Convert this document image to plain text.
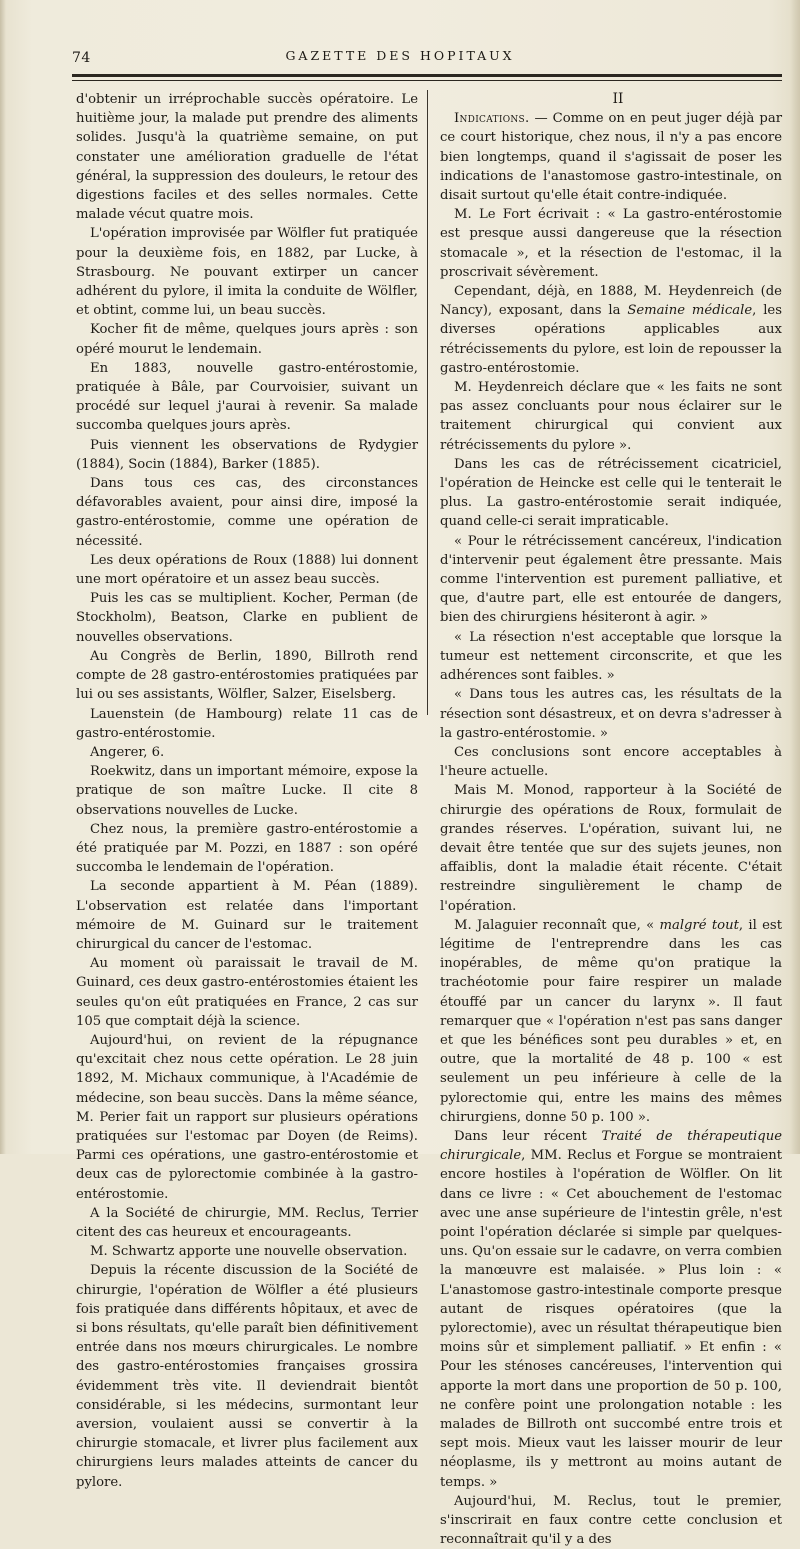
74	GAZETTE DES HOPITAUX

d'obtenir un irréprochable succès opératoire. Le huitième jour, la malade put prendre des aliments solides. Jusqu'à la quatrième semaine, on put constater une amélioration graduelle de l'état général, la suppression des douleurs, le retour des digestions faciles et des selles normales. Cette malade vécut quatre mois.

L'opération improvisée par Wölfler fut pratiquée pour la deuxième fois, en 1882, par Lucke, à Strasbourg. Ne pouvant extirper un cancer adhérent du pylore, il imita la conduite de Wölfler, et obtint, comme lui, un beau succès.

Kocher fit de même, quelques jours après : son opéré mourut le lendemain.

En 1883, nouvelle gastro-entérostomie, pratiquée à Bâle, par Courvoisier, suivant un procédé sur lequel j'aurai à revenir. Sa malade succomba quelques jours après.

Puis viennent les observations de Rydygier (1884), Socin (1884), Barker (1885).

Dans tous ces cas, des circonstances défavorables avaient, pour ainsi dire, imposé la gastro-entérostomie, comme une opération de nécessité.

Les deux opérations de Roux (1888) lui donnent une mort opératoire et un assez beau succès.

Puis les cas se multiplient. Kocher, Perman (de Stockholm), Beatson, Clarke en publient de nouvelles observations.

Au Congrès de Berlin, 1890, Billroth rend compte de 28 gastro-entérostomies pratiquées par lui ou ses assistants, Wölfler, Salzer, Eiselsberg.

Lauenstein (de Hambourg) relate 11 cas de gastro-entérostomie.

Angerer, 6.

Roekwitz, dans un important mémoire, expose la pratique de son maître Lucke. Il cite 8 observations nouvelles de Lucke.

Chez nous, la première gastro-entérostomie a été pratiquée par M. Pozzi, en 1887 : son opéré succomba le lendemain de l'opération.

La seconde appartient à M. Péan (1889). L'observation est relatée dans l'important mémoire de M. Guinard sur le traitement chirurgical du cancer de l'estomac.

Au moment où paraissait le travail de M. Guinard, ces deux gastro-entérostomies étaient les seules qu'on eût pratiquées en France, 2 cas sur 105 que comptait déjà la science.

Aujourd'hui, on revient de la répugnance qu'excitait chez nous cette opération. Le 28 juin 1892, M. Michaux communique, à l'Académie de médecine, son beau succès. Dans la même séance, M. Perier fait un rapport sur plusieurs opérations pratiquées sur l'estomac par Doyen (de Reims). Parmi ces opérations, une gastro-entérostomie et deux cas de pylorectomie combinée à la gastro-entérostomie.

A la Société de chirurgie, MM. Reclus, Terrier citent des cas heureux et encourageants.

M. Schwartz apporte une nouvelle observation.

Depuis la récente discussion de la Société de chirurgie, l'opération de Wölfler a été plusieurs fois pratiquée dans différents hôpitaux, et avec de si bons résultats, qu'elle paraît bien définitivement entrée dans nos mœurs chirurgicales. Le nombre des gastro-entérostomies françaises grossira évidemment très vite. Il deviendrait bientôt considérable, si les médecins, surmontant leur aversion, voulaient aussi se convertir à la chirurgie stomacale, et livrer plus facilement aux chirurgiens leurs malades atteints de cancer du pylore.

II

Indications. — Comme on en peut juger déjà par ce court historique, chez nous, il n'y a pas encore bien longtemps, quand il s'agissait de poser les indications de l'anastomose gastro-intestinale, on disait surtout qu'elle était contre-indiquée.

M. Le Fort écrivait : « La gastro-entérostomie est presque aussi dangereuse que la résection stomacale », et la résection de l'estomac, il la proscrivait sévèrement.

Cependant, déjà, en 1888, M. Heydenreich (de Nancy), exposant, dans la Semaine médicale, les diverses opérations applicables aux rétrécissements du pylore, est loin de repousser la gastro-entérostomie.

M. Heydenreich déclare que « les faits ne sont pas assez concluants pour nous éclairer sur le traitement chirurgical qui convient aux rétrécissements du pylore ».

Dans les cas de rétrécissement cicatriciel, l'opération de Heincke est celle qui le tenterait le plus. La gastro-entérostomie serait indiquée, quand celle-ci serait impraticable.

« Pour le rétrécissement cancéreux, l'indication d'intervenir peut également être pressante. Mais comme l'intervention est purement palliative, et que, d'autre part, elle est entourée de dangers, bien des chirurgiens hésiteront à agir. »

« La résection n'est acceptable que lorsque la tumeur est nettement circonscrite, et que les adhérences sont faibles. »

« Dans tous les autres cas, les résultats de la résection sont désastreux, et on devra s'adresser à la gastro-entérostomie. »

Ces conclusions sont encore acceptables à l'heure actuelle.

Mais M. Monod, rapporteur à la Société de chirurgie des opérations de Roux, formulait de grandes réserves. L'opération, suivant lui, ne devait être tentée que sur des sujets jeunes, non affaiblis, dont la maladie était récente. C'était restreindre singulièrement le champ de l'opération.

M. Jalaguier reconnaît que, « malgré tout, il est légitime de l'entreprendre dans les cas inopérables, de même qu'on pratique la trachéotomie pour faire respirer un malade étouffé par un cancer du larynx ». Il faut remarquer que « l'opération n'est pas sans danger et que les bénéfices sont peu durables » et, en outre, que la mortalité de 48 p. 100 « est seulement un peu inférieure à celle de la pylorectomie qui, entre les mains des mêmes chirurgiens, donne 50 p. 100 ».

Dans leur récent Traité de thérapeutique chirurgicale, MM. Reclus et Forgue se montraient encore hostiles à l'opération de Wölfler. On lit dans ce livre : « Cet abouchement de l'estomac avec une anse supérieure de l'intestin grêle, n'est point l'opération déclarée si simple par quelques-uns. Qu'on essaie sur le cadavre, on verra combien la manœuvre est malaisée. » Plus loin : « L'anastomose gastro-intestinale comporte presque autant de risques opératoires (que la pylorectomie), avec un résultat thérapeutique bien moins sûr et simplement palliatif. » Et enfin : « Pour les sténoses cancéreuses, l'intervention qui apporte la mort dans une proportion de 50 p. 100, ne confère point une prolongation notable : les malades de Billroth ont succombé entre trois et sept mois. Mieux vaut les laisser mourir de leur néoplasme, ils y mettront au moins autant de temps. »

Aujourd'hui, M. Reclus, tout le premier, s'inscrirait en faux contre cette conclusion et reconnaîtrait qu'il y a des
